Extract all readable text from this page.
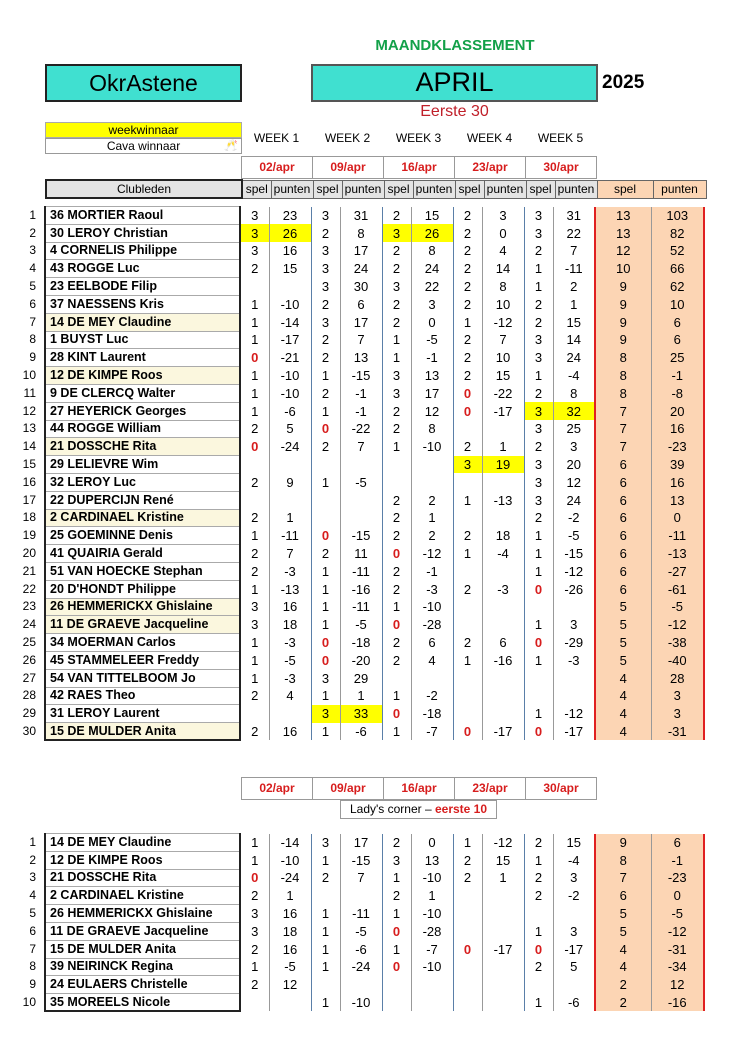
MAANDKLASSEMENT
OkrAstene	APRIL	2025
Eerste 30
weekwinnaar
Cava winnaar	🥂
WEEK 1	WEEK 2	WEEK 3	WEEK 4	WEEK 5
02/apr	09/apr	16/apr	23/apr	30/apr
Clubleden	spel	punten	spel	punten	spel	punten	spel	punten	spel	punten	spel	punten
1	36 MORTIER Raoul	3	23	3	31	2	15	2	3	3	31	13	103
2	30 LEROY Christian	3	26	2	8	3	26	2	0	3	22	13	82
3	4 CORNELIS Philippe	3	16	3	17	2	8	2	4	2	7	12	52
4	43 ROGGE Luc	2	15	3	24	2	24	2	14	1	-11	10	66
5	23 EELBODE Filip			3	30	3	22	2	8	1	2	9	62
6	37 NAESSENS Kris	1	-10	2	6	2	3	2	10	2	1	9	10
7	14 DE MEY Claudine	1	-14	3	17	2	0	1	-12	2	15	9	6
8	1 BUYST Luc	1	-17	2	7	1	-5	2	7	3	14	9	6
9	28 KINT Laurent	0	-21	2	13	1	-1	2	10	3	24	8	25
10	12 DE KIMPE Roos	1	-10	1	-15	3	13	2	15	1	-4	8	-1
11	9 DE CLERCQ Walter	1	-10	2	-1	3	17	0	-22	2	8	8	-8
12	27 HEYERICK Georges	1	-6	1	-1	2	12	0	-17	3	32	7	20
13	44 ROGGE William	2	5	0	-22	2	8			3	25	7	16
14	21 DOSSCHE Rita	0	-24	2	7	1	-10	2	1	2	3	7	-23
15	29 LELIEVRE Wim							3	19	3	20	6	39
16	32 LEROY Luc	2	9	1	-5					3	12	6	16
17	22 DUPERCIJN René					2	2	1	-13	3	24	6	13
18	2 CARDINAEL Kristine	2	1			2	1			2	-2	6	0
19	25 GOEMINNE Denis	1	-11	0	-15	2	2	2	18	1	-5	6	-11
20	41 QUAIRIA Gerald	2	7	2	11	0	-12	1	-4	1	-15	6	-13
21	51 VAN HOECKE Stephan	2	-3	1	-11	2	-1			1	-12	6	-27
22	20 D'HONDT Philippe	1	-13	1	-16	2	-3	2	-3	0	-26	6	-61
23	26 HEMMERICKX Ghislaine	3	16	1	-11	1	-10					5	-5
24	11 DE GRAEVE Jacqueline	3	18	1	-5	0	-28			1	3	5	-12
25	34 MOERMAN Carlos	1	-3	0	-18	2	6	2	6	0	-29	5	-38
26	45 STAMMELEER Freddy	1	-5	0	-20	2	4	1	-16	1	-3	5	-40
27	54 VAN TITTELBOOM Jo	1	-3	3	29							4	28
28	42 RAES Theo	2	4	1	1	1	-2					4	3
29	31 LEROY Laurent			3	33	0	-18			1	-12	4	3
30	15 DE MULDER Anita	2	16	1	-6	1	-7	0	-17	0	-17	4	-31
02/apr	09/apr	16/apr	23/apr	30/apr
Lady's corner – eerste 10
1	14 DE MEY Claudine	1	-14	3	17	2	0	1	-12	2	15	9	6
2	12 DE KIMPE Roos	1	-10	1	-15	3	13	2	15	1	-4	8	-1
3	21 DOSSCHE Rita	0	-24	2	7	1	-10	2	1	2	3	7	-23
4	2 CARDINAEL Kristine	2	1			2	1			2	-2	6	0
5	26 HEMMERICKX Ghislaine	3	16	1	-11	1	-10					5	-5
6	11 DE GRAEVE Jacqueline	3	18	1	-5	0	-28			1	3	5	-12
7	15 DE MULDER Anita	2	16	1	-6	1	-7	0	-17	0	-17	4	-31
8	39 NEIRINCK Regina	1	-5	1	-24	0	-10			2	5	4	-34
9	24 EULAERS Christelle	2	12									2	12
10	35 MOREELS Nicole			1	-10					1	-6	2	-16
